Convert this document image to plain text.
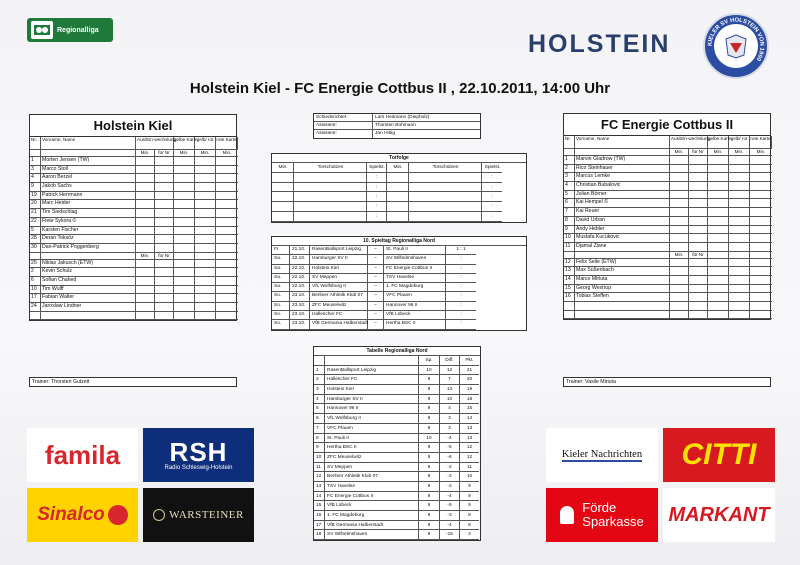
Regionalliga	HOLSTEIN	KIELER SV HOLSTEIN VON 1900
Holstein Kiel - FC Energie Cottbus II , 22.10.2011, 14:00 Uhr
Holstein Kiel
Nr.	Vorname, Name	Aus/Ein-wechslung
gelbe Karte gelb/ rot rote Karte
Min.	für Nr	Min.	Min.	Min.
1	Morten Jensen (TW)
3	Marco Stoll
4	Aaron Berzel
9	Jakob Sachs
19	Patrick Herrmann
20	Marc Heider
21	Tim Siedschlag
22	Fiete Sykora ©
5	Karsten Fischer
28	Deran Toksöz
30	Dan-Patrick Poggenberg
Min.	für Nr
25	Niklas Jakusch (ETW)
2	Kevin Schulz
6	Sofian Chahed
10	Tim Wulff
17	Fabian Walter
24	Jaroslaw Lindner
Trainer: Thorsten Gutzeit
FC Energie Cottbus II
Nr.	Vorname, Name	Aus/Ein-wechslung
gelbe Karte gelb/ rot rote Karte
Min.	für Nr	Min.	Min.	Min.
1	Marvin Gladrow (TW)
2	Rico Steinhauer
3	Marcus Lemke
4	Christian Bubalovic
5	Julian Börner
6	Kai Hempel ©
7	Kai Reuer
8	David Urban
9	Andy Hebler
10	Mustafa Kucukovic
11	Djamal Ziane
Min.	für Nr
12	Felix Seile (ETW)
13	Max Süßenbach
14	Marco Miriuta
15	Georg Westrup
16	Tobias Steffen
Trainer: Vasile Miriuta
Schiedsrichter:	Lars Heitmann (Diepholz)
Assistent:	Thorsten Bohmann
Assistent:	Jan Hittig
Torfolge
Min.	Torschützen	Spielst.	Min.	Torschützen	Spielst.
:	:
:	:
:	:
:	:
:	:
10. Spieltag Regionalliga Nord
Fr.	21.10.	RasenBallsport Leipzig	–	St. Pauli II	1 : 1
Sa.	22.10.	Hamburger SV II	–	SV Wilhelmshaven	:
Sa.	22.10.	Holstein Kiel	–	FC Energie Cottbus II	:
Sa.	22.10.	SV Meppen	–	TSV Havelse	:
Sa.	22.10.	VfL Wolfsburg II	–	1. FC Magdeburg	:
So.	23.10.	Berliner Athletik Klub 07	–	VFC Plauen	:
So.	23.10.	ZFC Meuselwitz	–	Hannover 96 II	:
So.	23.10.	Hallescher FC	–	VfB Lübeck	:
So.	23.10.	VfB Germania Halberstadt	–	Hertha BSC II	:
Tabelle Regionalliga Nord
Sp.	Diff.	Pkt.
1	RasenBallsport Leipzig	10	12	21
2	Hallescher FC	9	7	20
3	Holstein Kiel	9	13	19
4	Hamburger SV II	9	10	18
5	Hannover 96 II	9	4	15
6	VfL Wolfsburg II	9	3	14
7	VFC Plauen	9	3	13
8	St. Pauli II	10	-4	13
9	Hertha BSC II	9	-5	12
10	ZFC Meuselwitz	9	-6	12
11	SV Meppen	9	-2	11
12	Berliner Athletik Klub 07	9	-2	10
13	TSV Havelse	9	-2	9
14	FC Energie Cottbus II	9	-4	9
15	VfB Lübeck	9	-5	9
16	1. FC Magdeburg	9	-3	8
17	VfB Germania Halberstadt	9	-4	8
18	SV Wilhelmshaven	9	-15	3
famila RSH
Radio Schleswig-Holstein
Sinalco	WARSTEINER
Kieler Nachrichten CITTI
Förde
Sparkasse MARKANT
